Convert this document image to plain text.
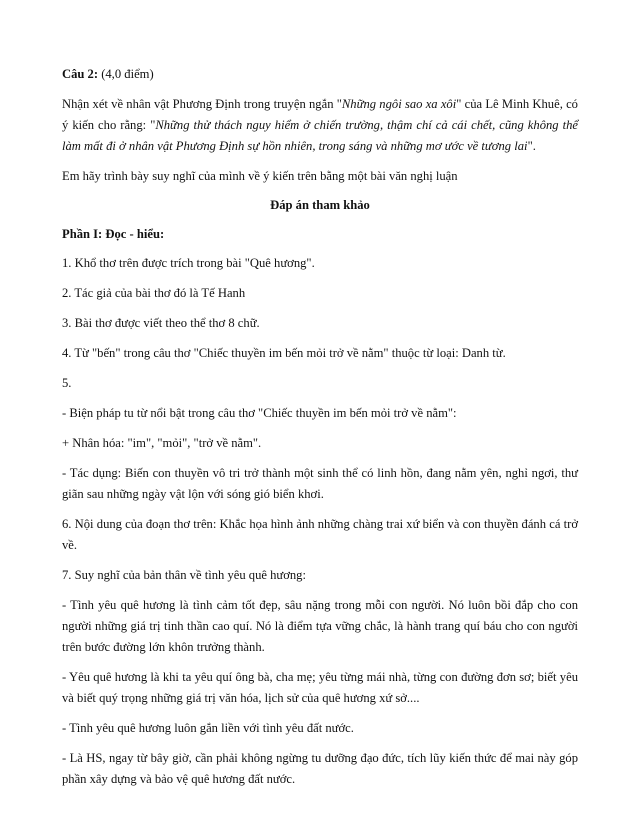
Câu 2: (4,0 điểm)

Nhận xét về nhân vật Phương Định trong truyện ngắn "Những ngôi sao xa xôi" của Lê Minh Khuê, có ý kiến cho rằng: "Những thử thách nguy hiểm ở chiến trường, thậm chí cả cái chết, cũng không thể làm mất đi ở nhân vật Phương Định sự hồn nhiên, trong sáng và những mơ ước về tương lai".

Em hãy trình bày suy nghĩ của mình về ý kiến trên bằng một bài văn nghị luận

Đáp án tham khảo

Phần I: Đọc - hiểu:

1. Khổ thơ trên được trích trong bài "Quê hương".

2. Tác giả của bài thơ đó là Tế Hanh

3. Bài thơ được viết theo thể thơ 8 chữ.

4. Từ "bến" trong câu thơ "Chiếc thuyền im bến mỏi trở về nằm" thuộc từ loại: Danh từ.

5.

- Biện pháp tu từ nổi bật trong câu thơ "Chiếc thuyền im bến mỏi trở về nằm":

+ Nhân hóa: "im", "mỏi", "trở về nằm".

- Tác dụng: Biến con thuyền vô tri trở thành một sinh thể có linh hồn, đang nằm yên, nghỉ ngơi, thư giãn sau những ngày vật lộn với sóng gió biển khơi.

6. Nội dung của đoạn thơ trên: Khắc họa hình ảnh những chàng trai xứ biển và con thuyền đánh cá trở về.

7. Suy nghĩ của bản thân về tình yêu quê hương:

- Tình yêu quê hương là tình cảm tốt đẹp, sâu nặng trong mỗi con người. Nó luôn bồi đắp cho con người những giá trị tinh thần cao quí. Nó là điểm tựa vững chắc, là hành trang quí báu cho con người trên bước đường lớn khôn trưởng thành.

- Yêu quê hương là khi ta yêu quí ông bà, cha mẹ; yêu từng mái nhà, từng con đường đơn sơ; biết yêu và biết quý trọng những giá trị văn hóa, lịch sử của quê hương xứ sở....

- Tình yêu quê hương luôn gắn liền với tình yêu đất nước.

- Là HS, ngay từ bây giờ, cần phải không ngừng tu dưỡng đạo đức, tích lũy kiến thức để mai này góp phần xây dựng và bảo vệ quê hương đất nước.
